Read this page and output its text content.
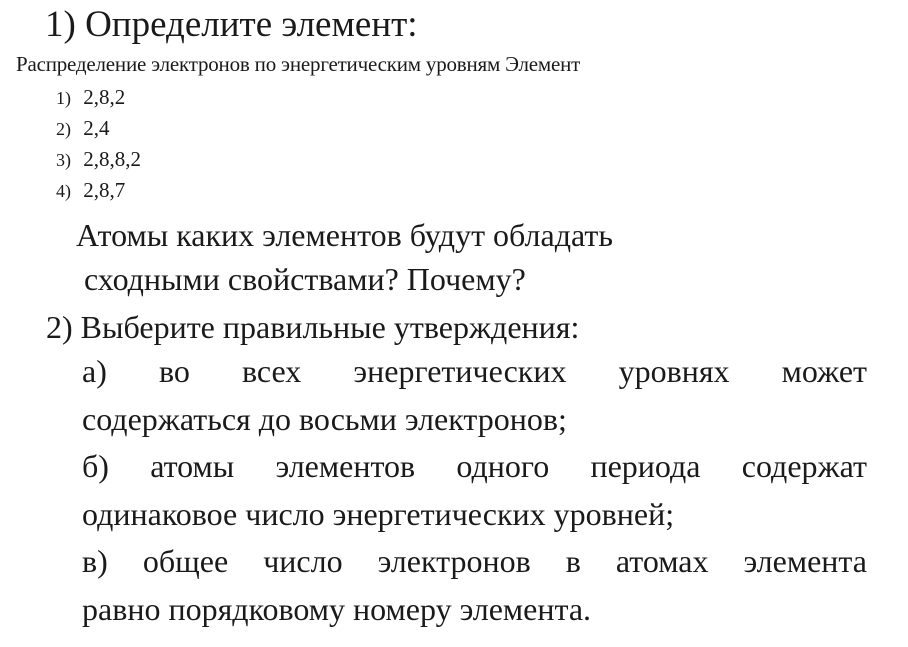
1) Определите элемент:
Распределение электронов по энергетическим уровням Элемент
1) 2,8,2
2) 2,4
3) 2,8,8,2
4) 2,8,7
Атомы каких элементов будут обладать
сходными свойствами? Почему?
2) Выберите правильные утверждения:
а) во всех энергетических уровнях может
содержаться до восьми электронов;
б) атомы элементов одного периода содержат
одинаковое число энергетических уровней;
в) общее число электронов в атомах элемента
равно порядковому номеру элемента.
